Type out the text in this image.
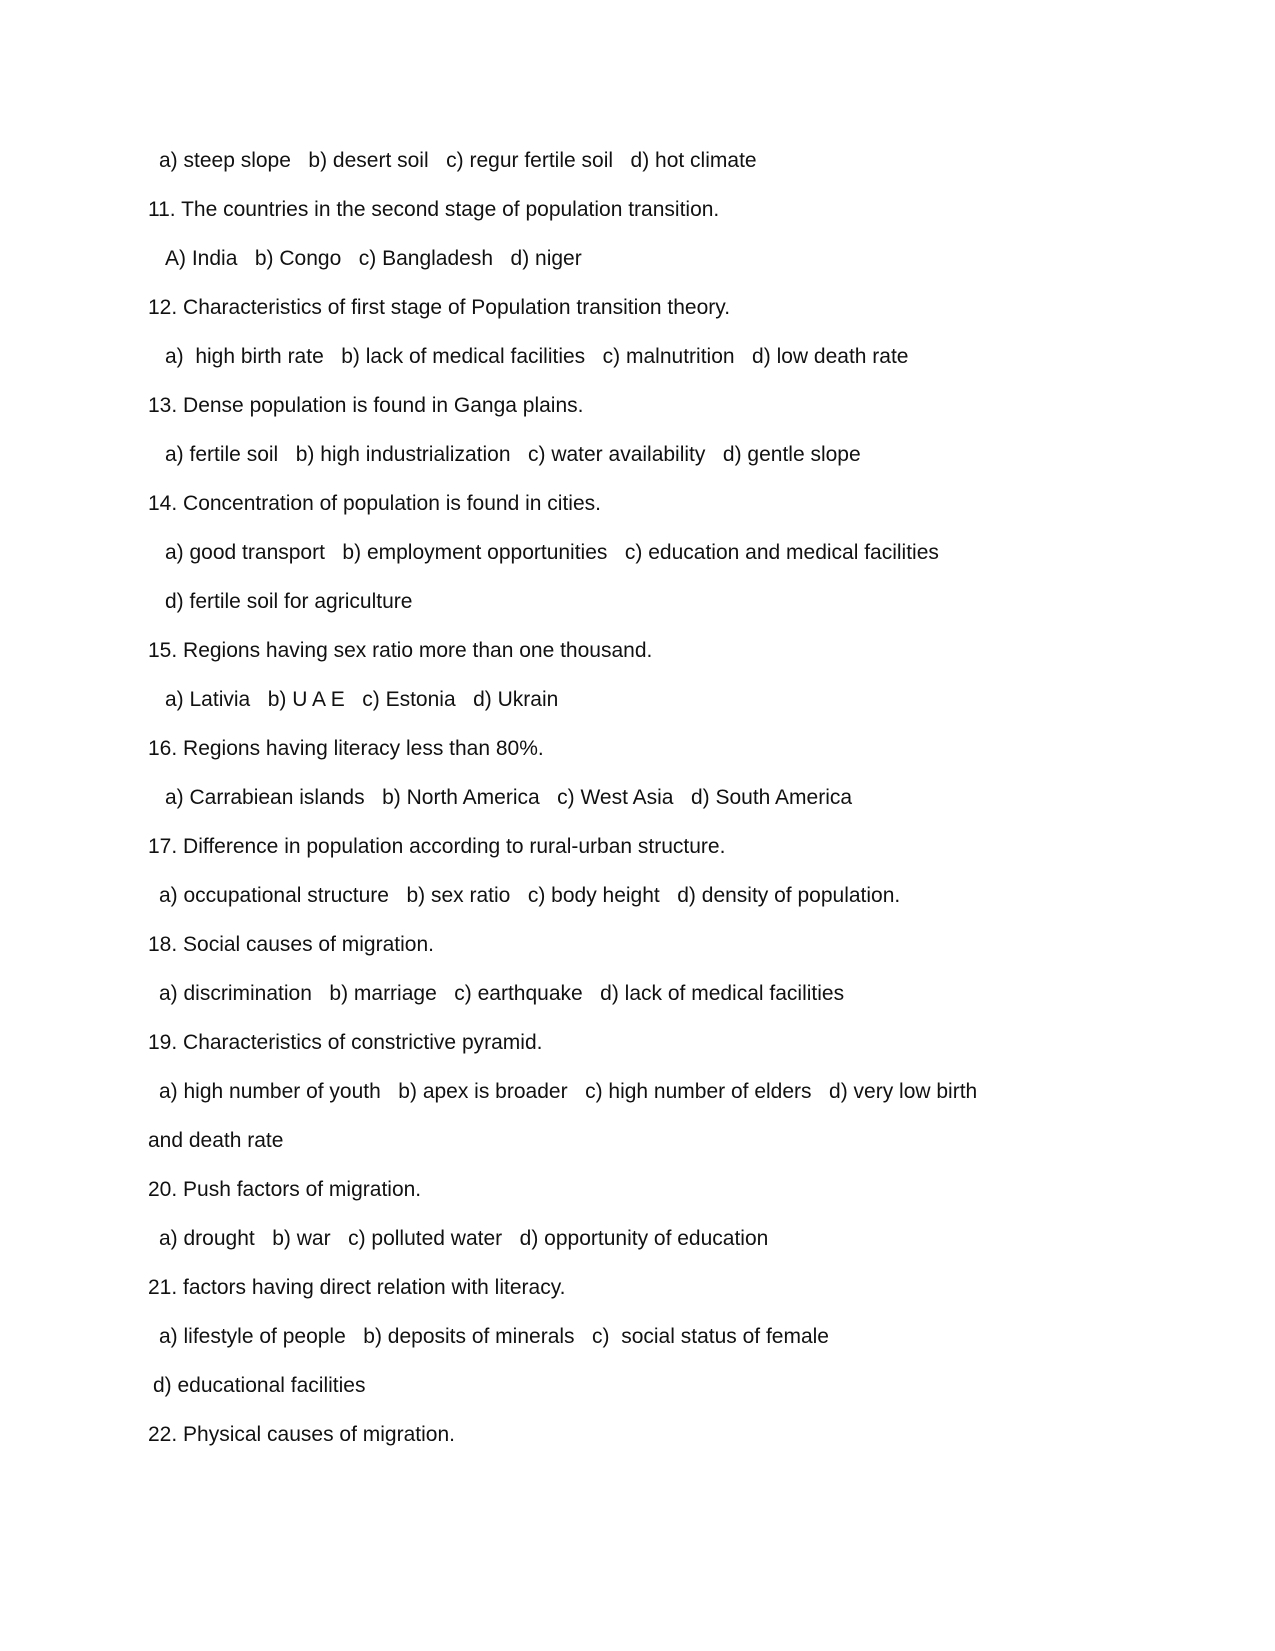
a) steep slope   b) desert soil   c) regur fertile soil   d) hot climate
11. The countries in the second stage of population transition.
A) India   b) Congo   c) Bangladesh   d) niger
12. Characteristics of first stage of Population transition theory.
a)  high birth rate   b) lack of medical facilities   c) malnutrition   d) low death rate
13. Dense population is found in Ganga plains.
a) fertile soil   b) high industrialization   c) water availability   d) gentle slope
14. Concentration of population is found in cities.
a) good transport   b) employment opportunities   c) education and medical facilities
d) fertile soil for agriculture
15. Regions having sex ratio more than one thousand.
a) Lativia   b) U A E   c) Estonia   d) Ukrain
16. Regions having literacy less than 80%.
a) Carrabiean islands   b) North America   c) West Asia   d) South America
17. Difference in population according to rural-urban structure.
a) occupational structure   b) sex ratio   c) body height   d) density of population.
18. Social causes of migration.
a) discrimination   b) marriage   c) earthquake   d) lack of medical facilities
19. Characteristics of constrictive pyramid.
a) high number of youth   b) apex is broader   c) high number of elders   d) very low birth
and death rate
20. Push factors of migration.
a) drought   b) war   c) polluted water   d) opportunity of education
21. factors having direct relation with literacy.
a) lifestyle of people   b) deposits of minerals   c)  social status of female
d) educational facilities
22. Physical causes of migration.
